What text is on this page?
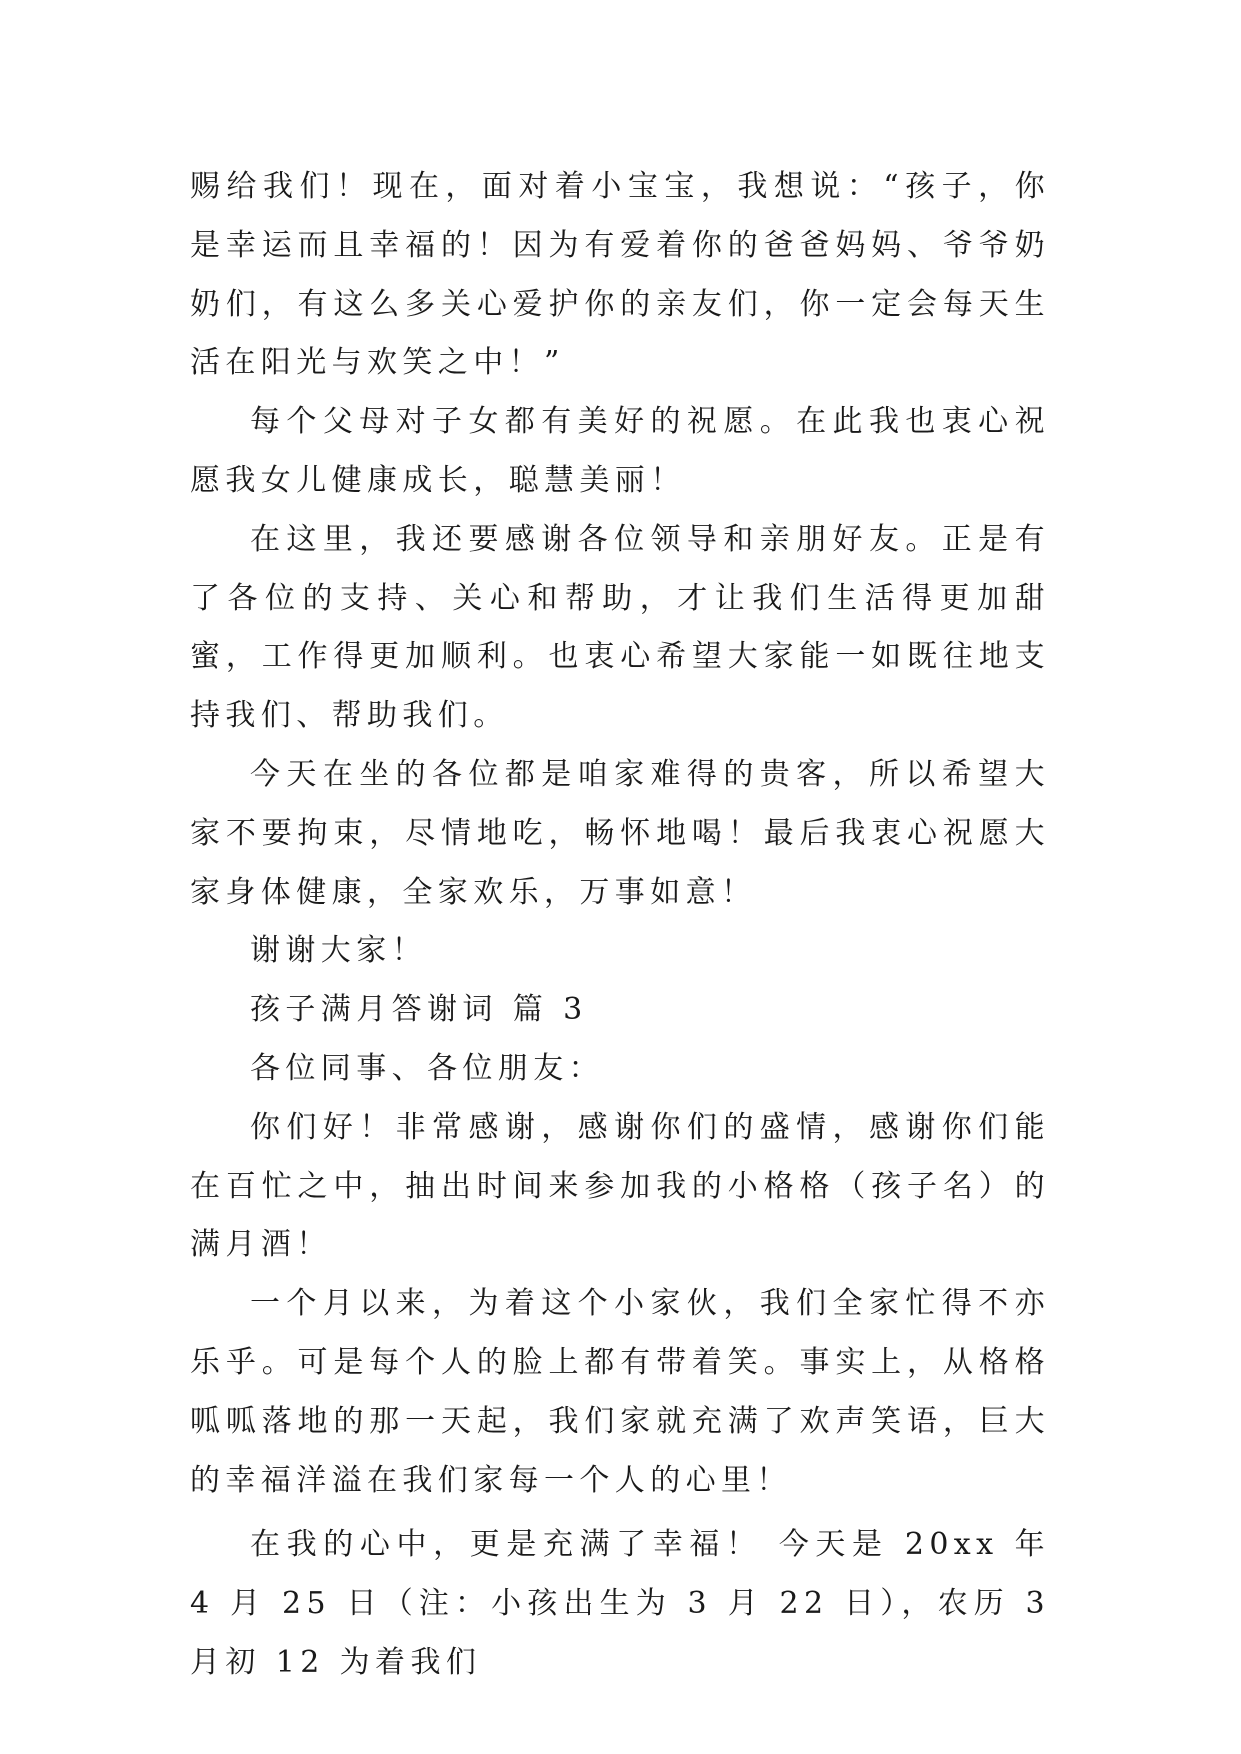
赐给我们！现在，面对着小宝宝，我想说：“孩子，你是幸运而且幸福的！因为有爱着你的爸爸妈妈、爷爷奶奶们，有这么多关心爱护你的亲友们，你一定会每天生活在阳光与欢笑之中！”

每个父母对子女都有美好的祝愿。在此我也衷心祝愿我女儿健康成长，聪慧美丽！

在这里，我还要感谢各位领导和亲朋好友。正是有了各位的支持、关心和帮助，才让我们生活得更加甜蜜，工作得更加顺利。也衷心希望大家能一如既往地支持我们、帮助我们。

今天在坐的各位都是咱家难得的贵客，所以希望大家不要拘束，尽情地吃，畅怀地喝！最后我衷心祝愿大家身体健康，全家欢乐，万事如意！

谢谢大家！

孩子满月答谢词 篇 3

各位同事、各位朋友：

你们好！非常感谢，感谢你们的盛情，感谢你们能在百忙之中，抽出时间来参加我的小格格（孩子名）的满月酒！

一个月以来，为着这个小家伙，我们全家忙得不亦乐乎。可是每个人的脸上都有带着笑。事实上，从格格呱呱落地的那一天起，我们家就充满了欢声笑语，巨大的幸福洋溢在我们家每一个人的心里！

在我的心中，更是充满了幸福！ 今天是 20xx 年 4 月 25 日（注：小孩出生为 3 月 22 日），农历 3 月初 12 为着我们
